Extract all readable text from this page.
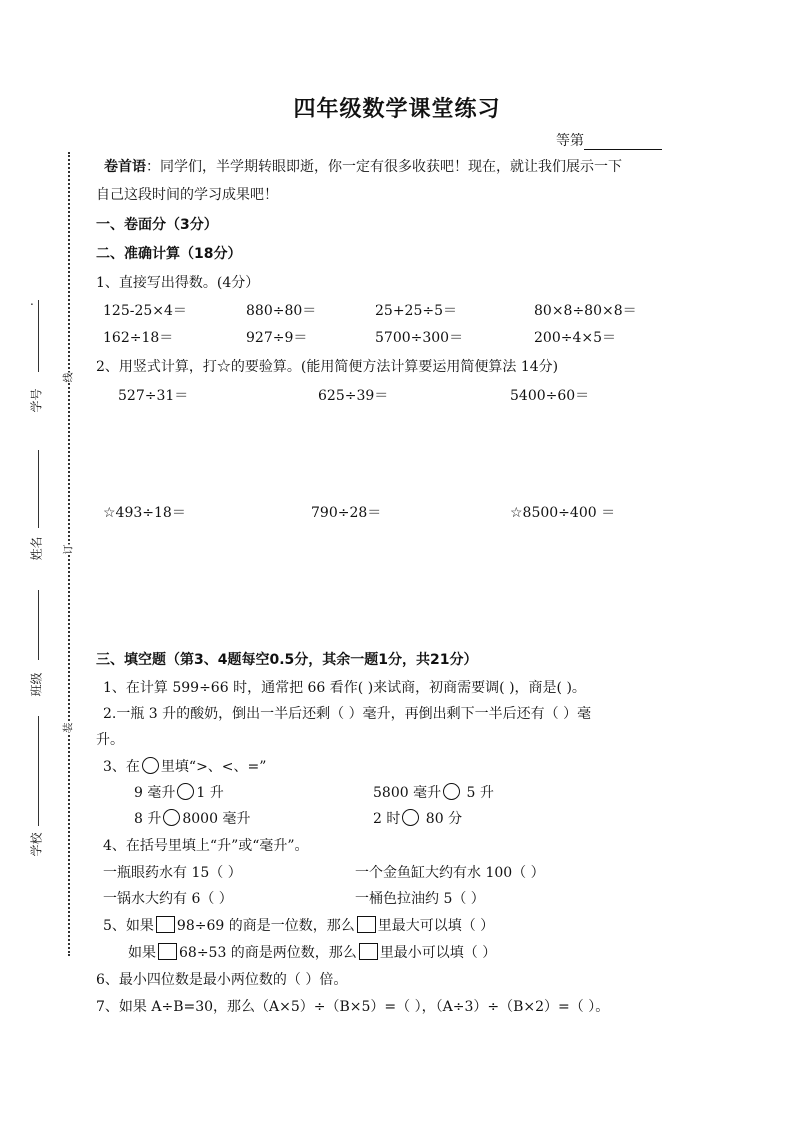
.
学号
姓名
班级
学校
线
订
装
四年级数学课堂练习
等第
卷首语：同学们，半学期转眼即逝，你一定有很多收获吧！现在，就让我们展示一下
自己这段时间的学习成果吧！
一、卷面分（3分）
二、准确计算（18分）
1、直接写出得数。(4分）
125-25×4＝	880÷80＝	25+25÷5＝	80×8÷80×8＝
162÷18＝	927÷9＝	5700÷300＝	200÷4×5＝
2、用竖式计算，打☆的要验算。(能用简便方法计算要运用简便算法 14分)
527÷31＝	625÷39＝	5400÷60＝
☆493÷18＝	790÷28＝	☆8500÷400 ＝
三、填空题（第3、4题每空0.5分，其余一题1分，共21分）
1、在计算 599÷66 时，通常把 66 看作( )来试商，初商需要调( )，商是( )。
2.一瓶 3 升的酸奶，倒出一半后还剩（ ）毫升，再倒出剩下一半后还有（ ）毫
升。
3、在 里填“>、<、=”
9 毫升 1 升	5800 毫升 5 升
8 升 8000 毫升	2 时 80 分
4、在括号里填上“升”或“毫升”。
一瓶眼药水有 15（ ）	一个金鱼缸大约有水 100（ ）
一锅水大约有 6（ ）	一桶色拉油约 5（ ）
5、如果 98÷69 的商是一位数，那么 里最大可以填（ ）
如果 68÷53 的商是两位数，那么 里最小可以填（ ）
6、最小四位数是最小两位数的（ ）倍。
7、如果 A÷B=30，那么（A×5）÷（B×5）=（ ），（A÷3）÷（B×2）=（ ）。
